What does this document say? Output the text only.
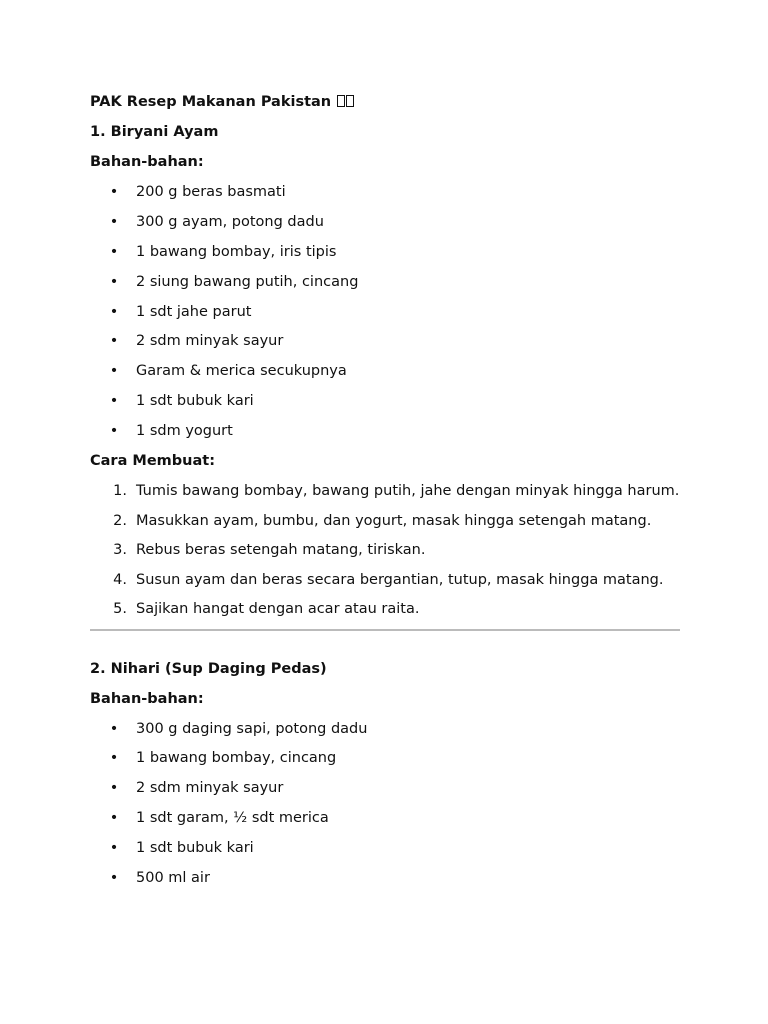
PAK Resep Makanan Pakistan

1. Biryani Ayam

Bahan-bahan:

• 200 g beras basmati
• 300 g ayam, potong dadu
• 1 bawang bombay, iris tipis
• 2 siung bawang putih, cincang
• 1 sdt jahe parut
• 2 sdm minyak sayur
• Garam & merica secukupnya
• 1 sdt bubuk kari
• 1 sdm yogurt

Cara Membuat:

1. Tumis bawang bombay, bawang putih, jahe dengan minyak hingga harum.
2. Masukkan ayam, bumbu, dan yogurt, masak hingga setengah matang.
3. Rebus beras setengah matang, tiriskan.
4. Susun ayam dan beras secara bergantian, tutup, masak hingga matang.
5. Sajikan hangat dengan acar atau raita.

2. Nihari (Sup Daging Pedas)

Bahan-bahan:

• 300 g daging sapi, potong dadu
• 1 bawang bombay, cincang
• 2 sdm minyak sayur
• 1 sdt garam, ½ sdt merica
• 1 sdt bubuk kari
• 500 ml air
